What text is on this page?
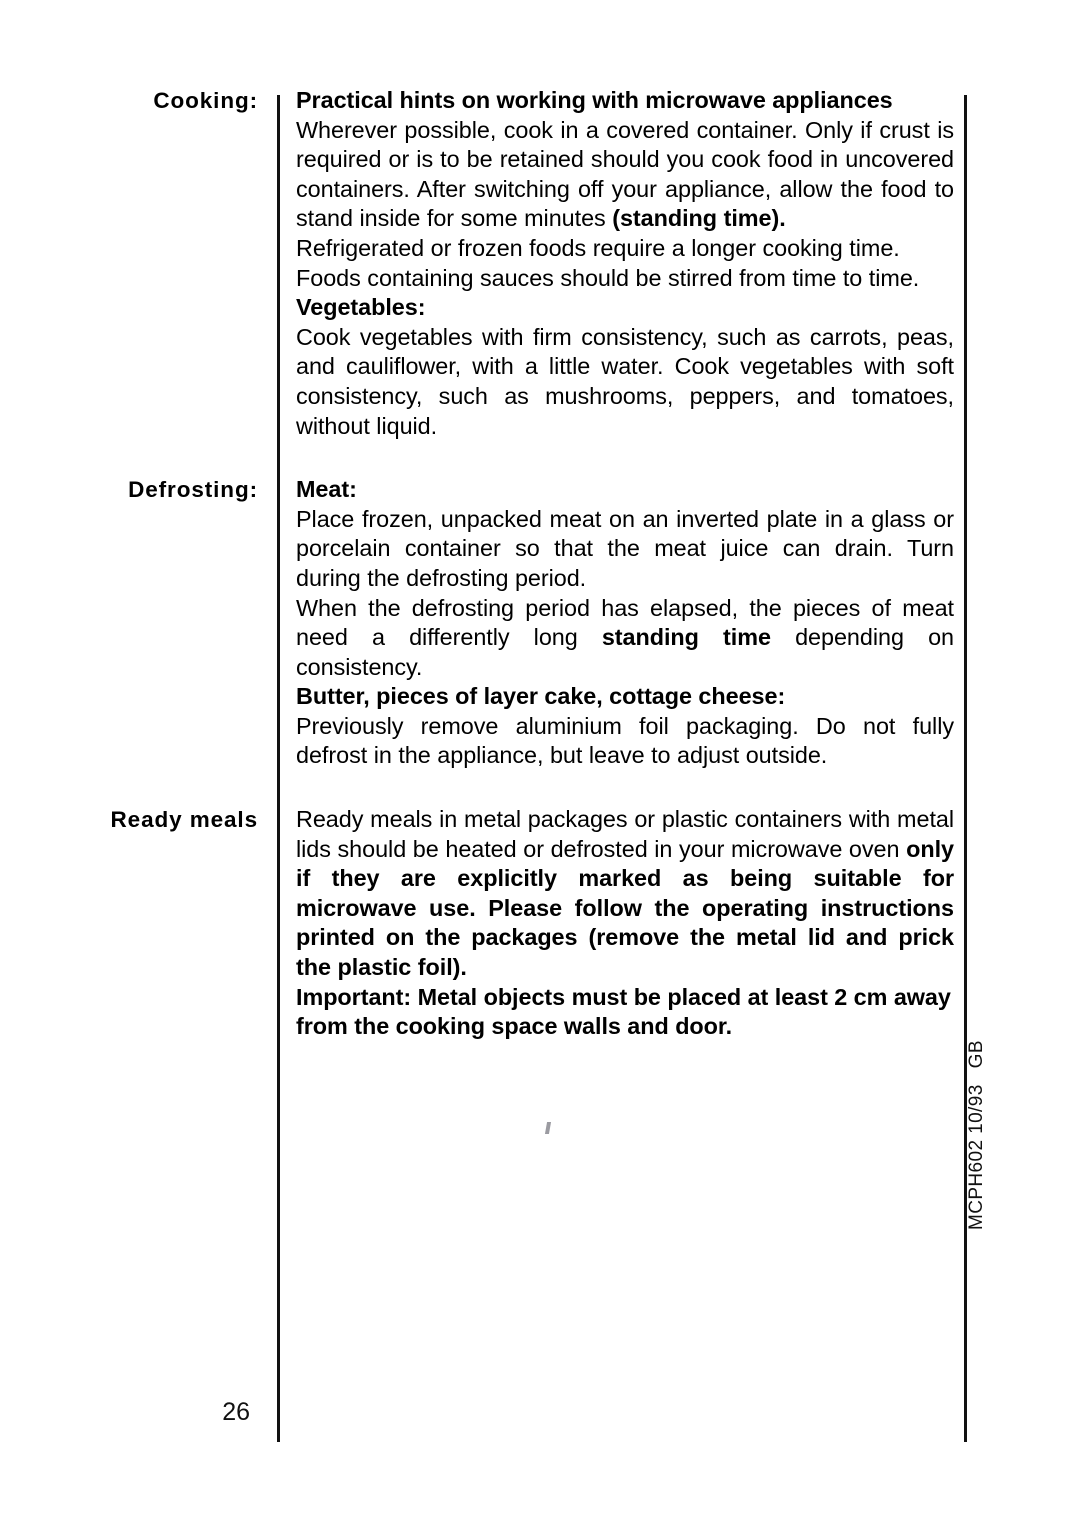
Cooking: Practical hints on working with microwave appliances

Wherever possible, cook in a covered container. Only if crust is required or is to be retained should you cook food in uncovered containers. After switching off your appliance, allow the food to stand inside for some minutes (standing time).

Refrigerated or frozen foods require a longer cooking time.

Foods containing sauces should be stirred from time to time.

Vegetables:

Cook vegetables with firm consistency, such as carrots, peas, and cauliflower, with a little water. Cook vegetables with soft consistency, such as mushrooms, peppers, and tomatoes, without liquid.

Defrosting: Meat:

Place frozen, unpacked meat on an inverted plate in a glass or porcelain container so that the meat juice can drain. Turn during the defrosting period.

When the defrosting period has elapsed, the pieces of meat need a differently long standing time depending on consistency.

Butter, pieces of layer cake, cottage cheese:

Previously remove aluminium foil packaging. Do not fully defrost in the appliance, but leave to adjust outside.

Ready meals Ready meals in metal packages or plastic containers with metal lids should be heated or defrosted in your microwave oven only if they are explicitly marked as being suitable for microwave use. Please follow the operating instructions printed on the packages (remove the metal lid and prick the plastic foil).

Important: Metal objects must be placed at least 2 cm away from the cooking space walls and door.

26
MCPH602 10/93GB
